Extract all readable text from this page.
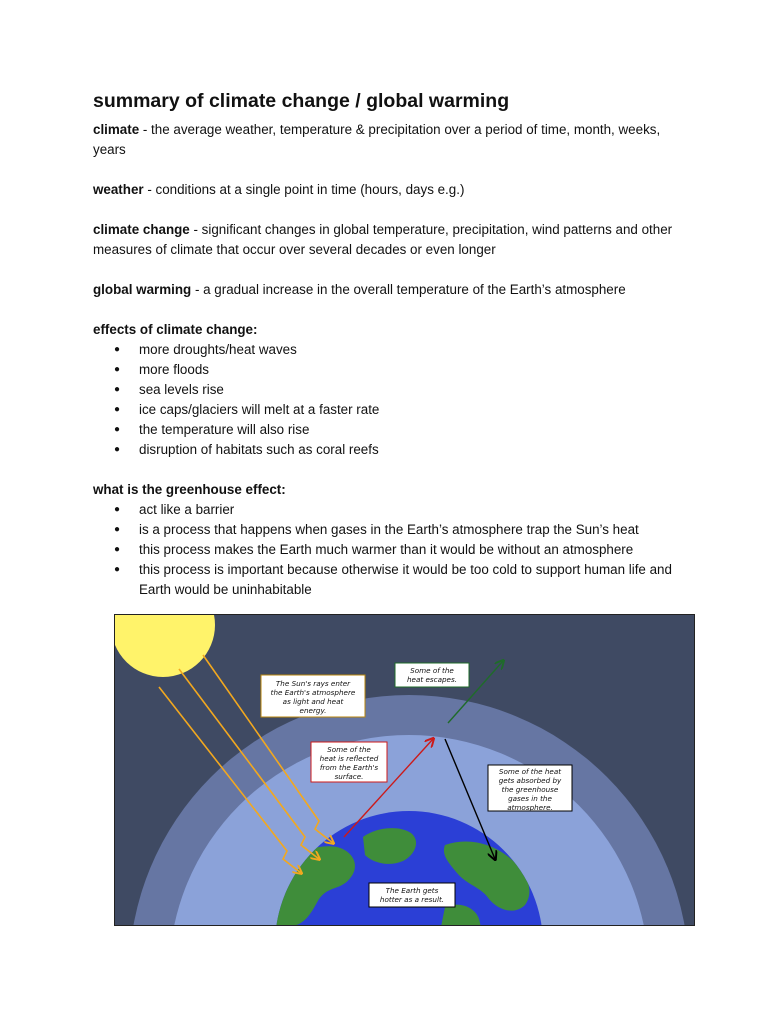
summary of climate change / global warming

climate - the average weather, temperature & precipitation over a period of time, month, weeks, years

weather - conditions at a single point in time (hours, days e.g.)

climate change - significant changes in global temperature, precipitation, wind patterns and other measures of climate that occur over several decades or even longer

global warming - a gradual increase in the overall temperature of the Earth’s atmosphere

effects of climate change:

● more droughts/heat waves
● more floods
● sea levels rise
● ice caps/glaciers will melt at a faster rate
● the temperature will also rise
● disruption of habitats such as coral reefs

what is the greenhouse effect:

● act like a barrier
● is a process that happens when gases in the Earth’s atmosphere trap the Sun’s heat
● this process makes the Earth much warmer than it would be without an atmosphere
● this process is important because otherwise it would be too cold to support human life and Earth would be uninhabitable
The Sun's rays enter
the Earth's atmosphere
as light and heat
energy.
Some of the
heat escapes.
Some of the
heat is reflected
from the Earth's
surface.
Some of the heat
gets absorbed by
the greenhouse
gases in the
atmosphere.
The Earth gets
hotter as a result.
